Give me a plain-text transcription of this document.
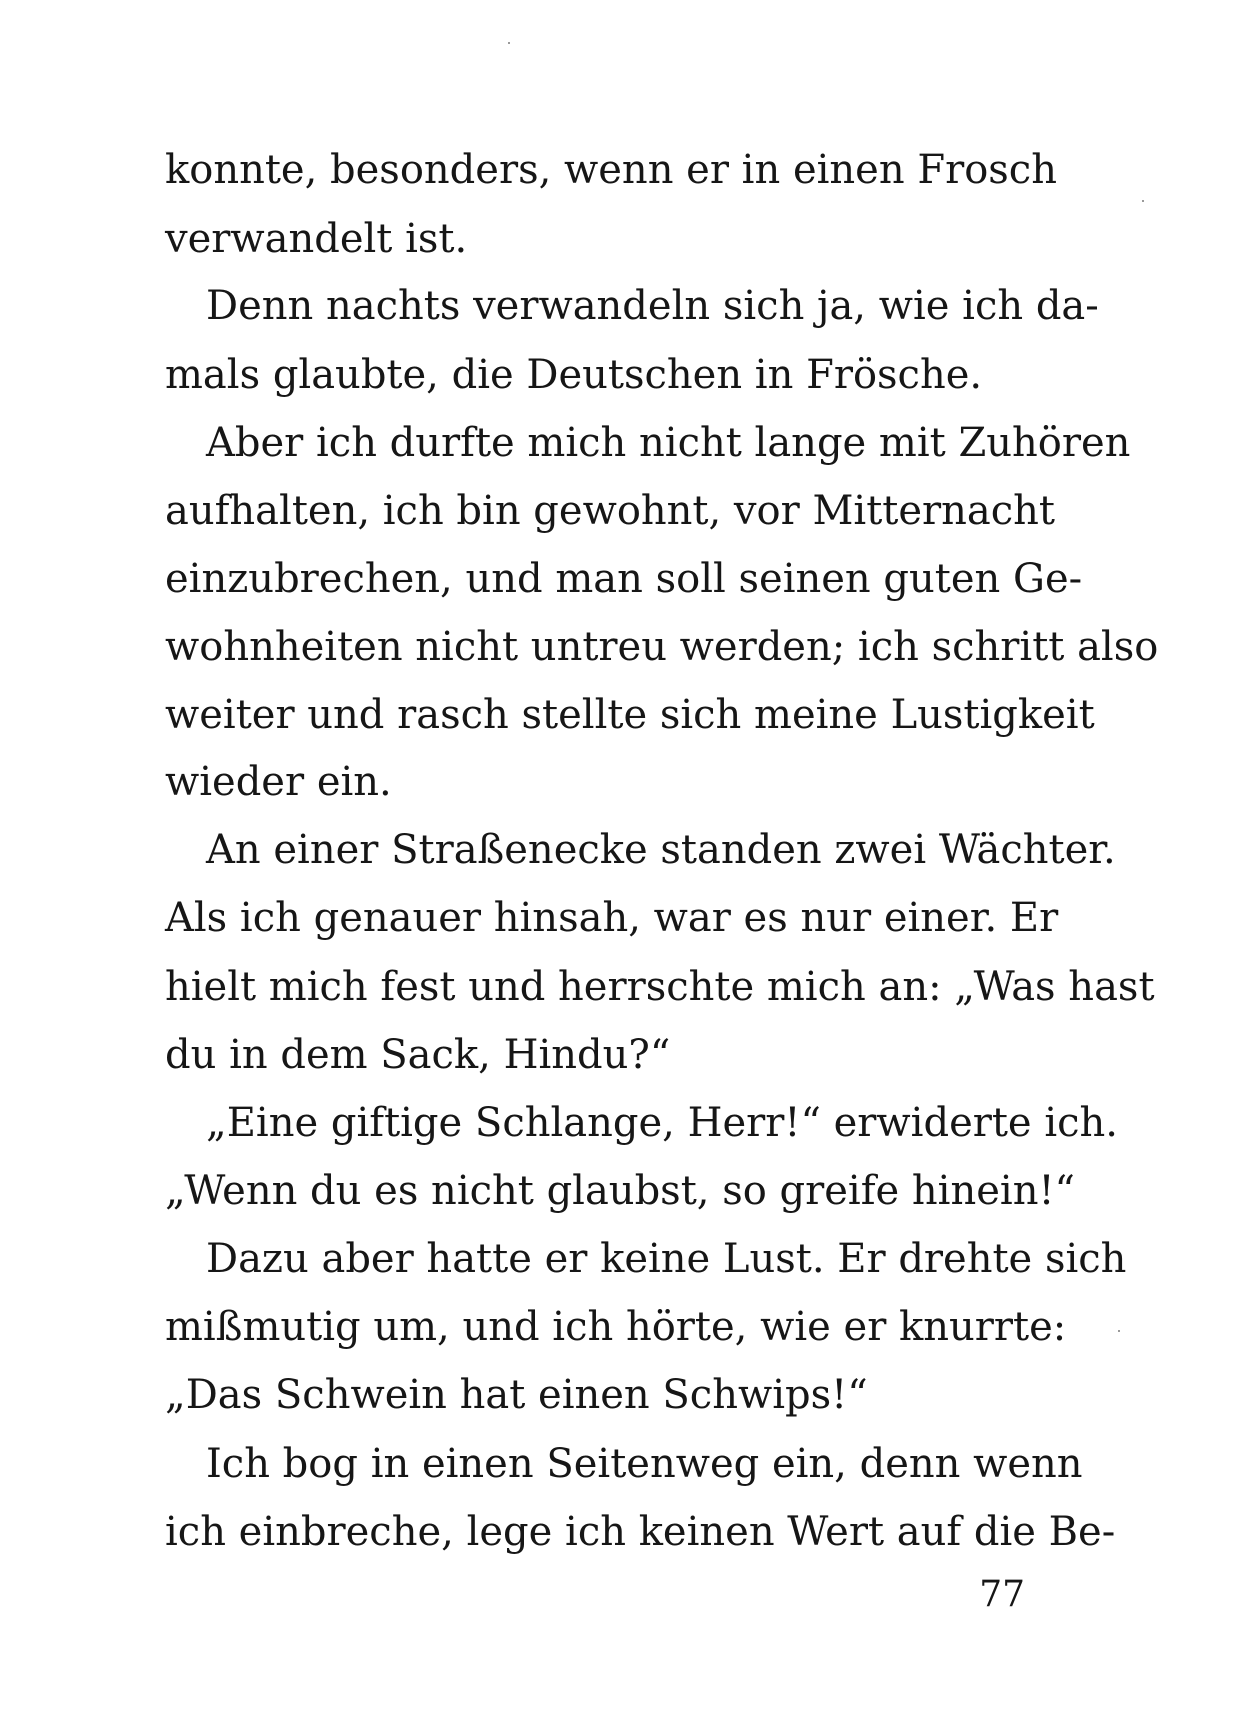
konnte, besonders, wenn er in einen Frosch
verwandelt ist.
Denn nachts verwandeln sich ja, wie ich da-
mals glaubte, die Deutschen in Frösche.
Aber ich durfte mich nicht lange mit Zuhören
aufhalten, ich bin gewohnt, vor Mitternacht
einzubrechen, und man soll seinen guten Ge-
wohnheiten nicht untreu werden; ich schritt also
weiter und rasch stellte sich meine Lustigkeit
wieder ein.
An einer Straßenecke standen zwei Wächter.
Als ich genauer hinsah, war es nur einer. Er
hielt mich fest und herrschte mich an: „Was hast
du in dem Sack, Hindu?“
„Eine giftige Schlange, Herr!“ erwiderte ich.
„Wenn du es nicht glaubst, so greife hinein!“
Dazu aber hatte er keine Lust. Er drehte sich
mißmutig um, und ich hörte, wie er knurrte:
„Das Schwein hat einen Schwips!“
Ich bog in einen Seitenweg ein, denn wenn
ich einbreche, lege ich keinen Wert auf die Be-
77
